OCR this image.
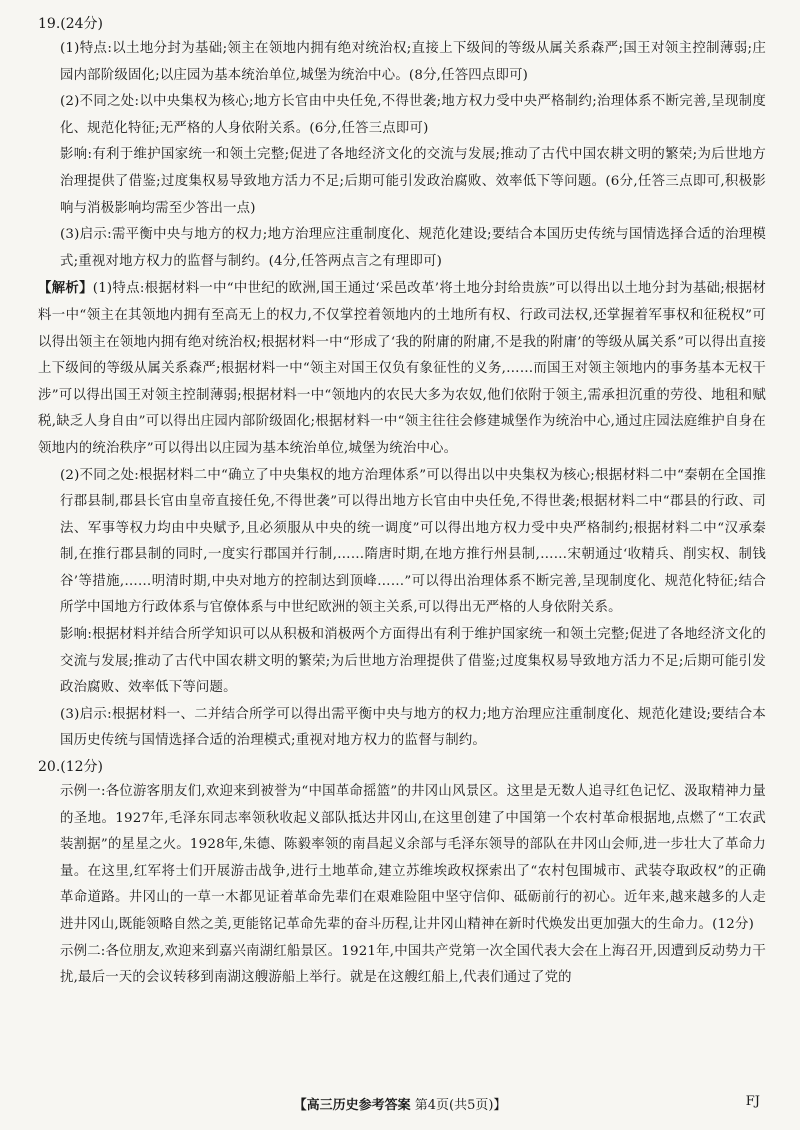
19.(24分)

(1)特点:以土地分封为基础;领主在领地内拥有绝对统治权;直接上下级间的等级从属关系森严;国王对领主控制薄弱;庄园内部阶级固化;以庄园为基本统治单位,城堡为统治中心。(8分,任答四点即可)

(2)不同之处:以中央集权为核心;地方长官由中央任免,不得世袭;地方权力受中央严格制约;治理体系不断完善,呈现制度化、规范化特征;无严格的人身依附关系。(6分,任答三点即可)

影响:有利于维护国家统一和领土完整;促进了各地经济文化的交流与发展;推动了古代中国农耕文明的繁荣;为后世地方治理提供了借鉴;过度集权易导致地方活力不足;后期可能引发政治腐败、效率低下等问题。(6分,任答三点即可,积极影响与消极影响均需至少答出一点)

(3)启示:需平衡中央与地方的权力;地方治理应注重制度化、规范化建设;要结合本国历史传统与国情选择合适的治理模式;重视对地方权力的监督与制约。(4分,任答两点言之有理即可)

【解析】(1)特点:根据材料一中“中世纪的欧洲,国王通过‘采邑改革’将土地分封给贵族”可以得出以土地分封为基础;根据材料一中“领主在其领地内拥有至高无上的权力,不仅掌控着领地内的土地所有权、行政司法权,还掌握着军事权和征税权”可以得出领主在领地内拥有绝对统治权;根据材料一中“形成了‘我的附庸的附庸,不是我的附庸’的等级从属关系”可以得出直接上下级间的等级从属关系森严;根据材料一中“领主对国王仅负有象征性的义务,……而国王对领主领地内的事务基本无权干涉”可以得出国王对领主控制薄弱;根据材料一中“领地内的农民大多为农奴,他们依附于领主,需承担沉重的劳役、地租和赋税,缺乏人身自由”可以得出庄园内部阶级固化;根据材料一中“领主往往会修建城堡作为统治中心,通过庄园法庭维护自身在领地内的统治秩序”可以得出以庄园为基本统治单位,城堡为统治中心。

(2)不同之处:根据材料二中“确立了中央集权的地方治理体系”可以得出以中央集权为核心;根据材料二中“秦朝在全国推行郡县制,郡县长官由皇帝直接任免,不得世袭”可以得出地方长官由中央任免,不得世袭;根据材料二中“郡县的行政、司法、军事等权力均由中央赋予,且必须服从中央的统一调度”可以得出地方权力受中央严格制约;根据材料二中“汉承秦制,在推行郡县制的同时,一度实行郡国并行制,……隋唐时期,在地方推行州县制,……宋朝通过‘收精兵、削实权、制钱谷’等措施,……明清时期,中央对地方的控制达到顶峰……”可以得出治理体系不断完善,呈现制度化、规范化特征;结合所学中国地方行政体系与官僚体系与中世纪欧洲的领主关系,可以得出无严格的人身依附关系。

影响:根据材料并结合所学知识可以从积极和消极两个方面得出有利于维护国家统一和领土完整;促进了各地经济文化的交流与发展;推动了古代中国农耕文明的繁荣;为后世地方治理提供了借鉴;过度集权易导致地方活力不足;后期可能引发政治腐败、效率低下等问题。

(3)启示:根据材料一、二并结合所学可以得出需平衡中央与地方的权力;地方治理应注重制度化、规范化建设;要结合本国历史传统与国情选择合适的治理模式;重视对地方权力的监督与制约。

20.(12分)

示例一:各位游客朋友们,欢迎来到被誉为“中国革命摇篮”的井冈山风景区。这里是无数人追寻红色记忆、汲取精神力量的圣地。1927年,毛泽东同志率领秋收起义部队抵达井冈山,在这里创建了中国第一个农村革命根据地,点燃了“工农武装割据”的星星之火。1928年,朱德、陈毅率领的南昌起义余部与毛泽东领导的部队在井冈山会师,进一步壮大了革命力量。在这里,红军将士们开展游击战争,进行土地革命,建立苏维埃政权探索出了“农村包围城市、武装夺取政权”的正确革命道路。井冈山的一草一木都见证着革命先辈们在艰难险阻中坚守信仰、砥砺前行的初心。近年来,越来越多的人走进井冈山,既能领略自然之美,更能铭记革命先辈的奋斗历程,让井冈山精神在新时代焕发出更加强大的生命力。(12分)

示例二:各位朋友,欢迎来到嘉兴南湖红船景区。1921年,中国共产党第一次全国代表大会在上海召开,因遭到反动势力干扰,最后一天的会议转移到南湖这艘游船上举行。就是在这艘红船上,代表们通过了党的

【高三历史参考答案 第4页(共5页)】	FJ
